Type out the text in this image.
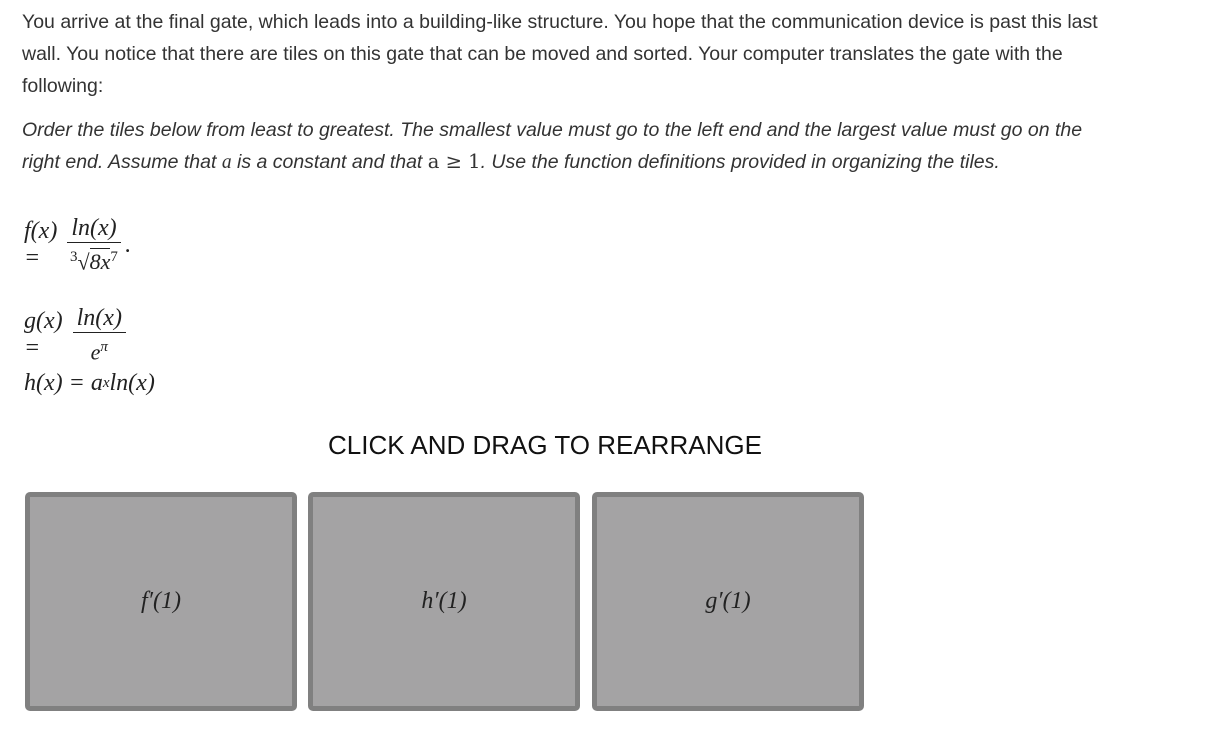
You arrive at the final gate, which leads into a building-like structure. You hope that the communication device is past this last wall. You notice that there are tiles on this gate that can be moved and sorted. Your computer translates the gate with the following:

Order the tiles below from least to greatest. The smallest value must go to the left end and the largest value must go on the right end. Assume that a is a constant and that a ≥ 1. Use the function definitions provided in organizing the tiles.

f(x) =	$\frac{\ln(x)}{^3√8x^7}$ .
g(x) =	$\frac{\ln(x)}{e^\pi}$
h(x) = a x ln(x)
CLICK AND DRAG TO REARRANGE
f′(1)	h′(1)	g′(1)
